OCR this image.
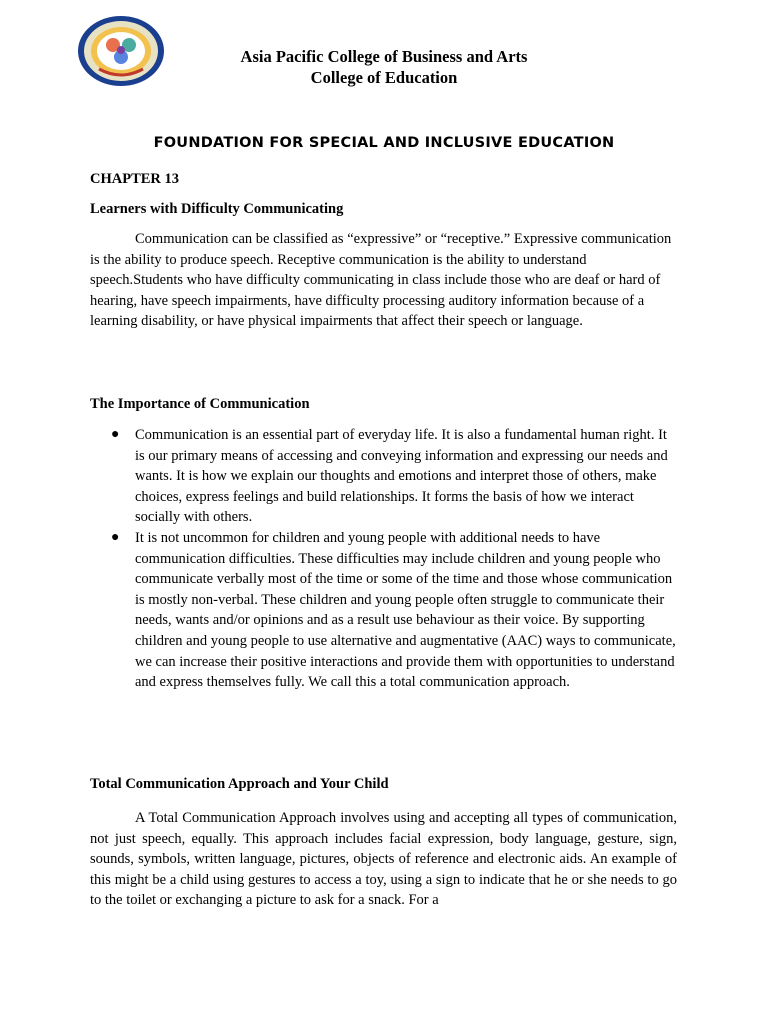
Asia Pacific College of Business and Arts
College of Education
FOUNDATION FOR SPECIAL AND INCLUSIVE EDUCATION
CHAPTER 13
Learners with Difficulty Communicating

Communication can be classified as “expressive” or “receptive.” Expressive communication is the ability to produce speech. Receptive communication is the ability to understand speech.Students who have difficulty communicating in class include those who are deaf or hard of hearing, have speech impairments, have difficulty processing auditory information because of a learning disability, or have physical impairments that affect their speech or language.

The Importance of Communication
● Communication is an essential part of everyday life. It is also a fundamental human right. It is our primary means of accessing and conveying information and expressing our needs and wants. It is how we explain our thoughts and emotions and interpret those of others, make choices, express feelings and build relationships. It forms the basis of how we interact socially with others.
● It is not uncommon for children and young people with additional needs to have communication difficulties. These difficulties may include children and young people who communicate verbally most of the time or some of the time and those whose communication is mostly non-verbal. These children and young people often struggle to communicate their needs, wants and/or opinions and as a result use behaviour as their voice. By supporting children and young people to use alternative and augmentative (AAC) ways to communicate, we can increase their positive interactions and provide them with opportunities to understand and express themselves fully. We call this a total communication approach.
Total Communication Approach and Your Child

A Total Communication Approach involves using and accepting all types of communication, not just speech, equally. This approach includes facial expression, body language, gesture, sign, sounds, symbols, written language, pictures, objects of reference and electronic aids. An example of this might be a child using gestures to access a toy, using a sign to indicate that he or she needs to go to the toilet or exchanging a picture to ask for a snack. For a
